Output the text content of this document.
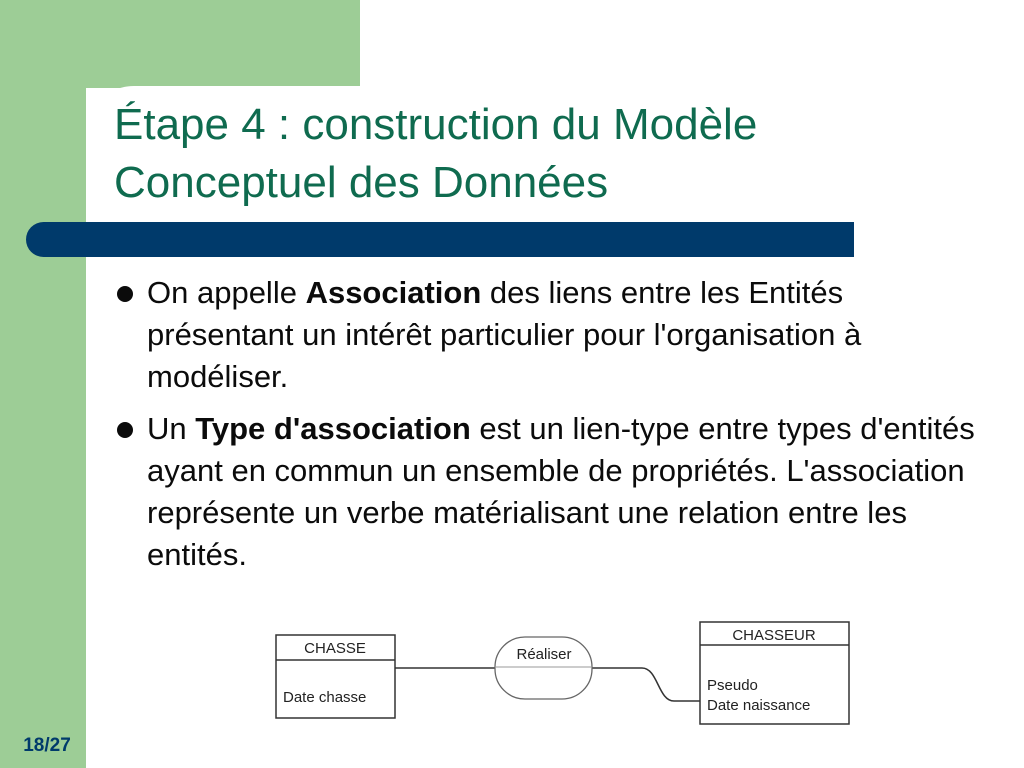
Étape 4 : construction du Modèle
Conceptuel des Données
On appelle Association des liens entre les Entités présentant un intérêt particulier pour l'organisation à modéliser.
Un Type d'association est un lien-type entre types d'entités ayant en commun un ensemble de propriétés. L'association représente un verbe matérialisant une relation entre les entités.
CHASSE
Date chasse
Réaliser
CHASSEUR
Pseudo
Date naissance
18/27
